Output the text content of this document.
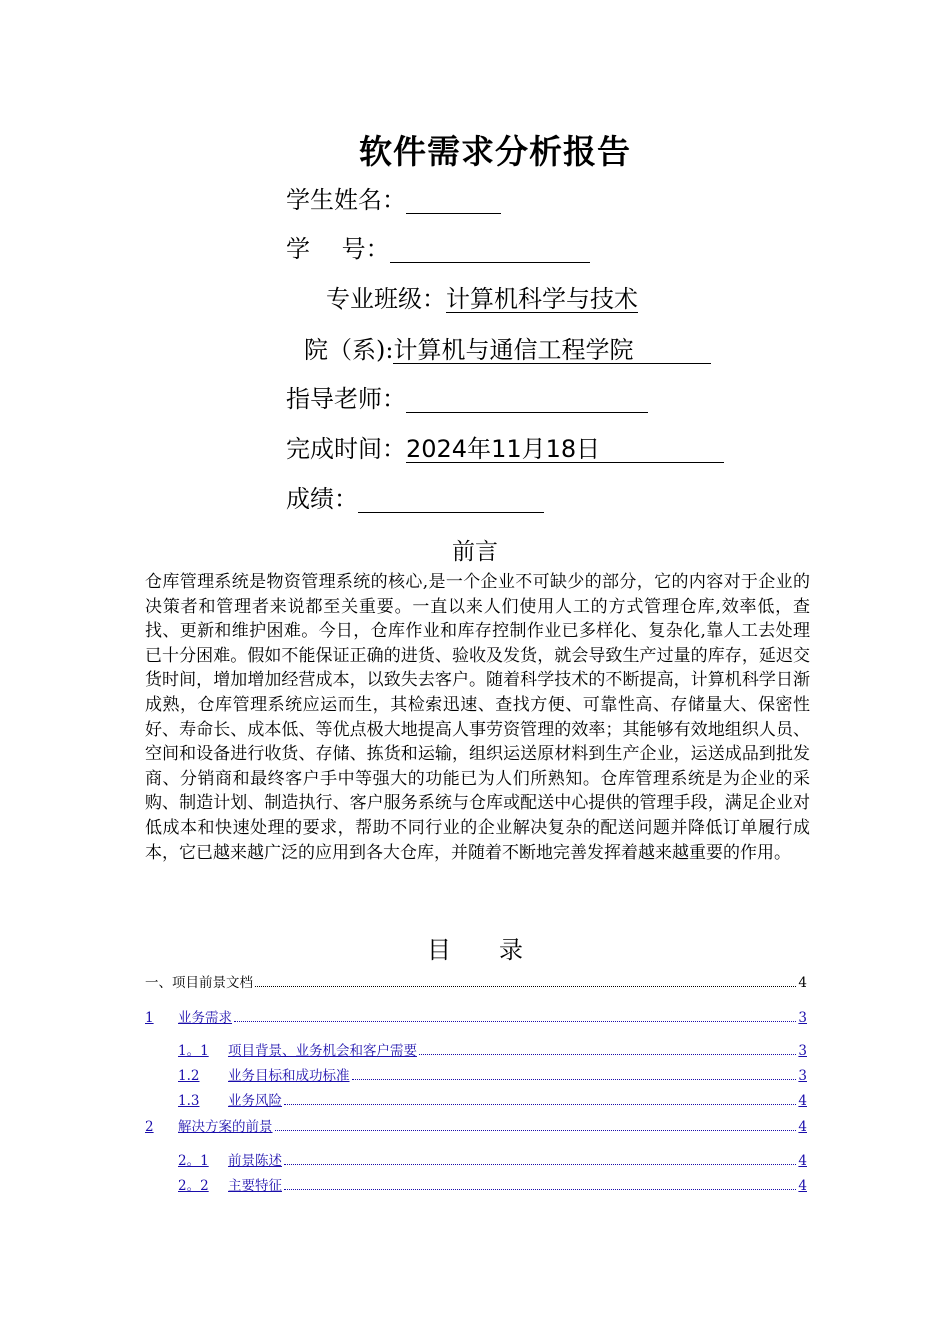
软件需求分析报告
学生姓名：
学　 号：
专业班级：计算机科学与技术
院（系):计算机与通信工程学院
指导老师：
完成时间：2024年11月18日
成绩：
前言
仓库管理系统是物资管理系统的核心,是一个企业不可缺少的部分，它的内容对于企业的决策者和管理者来说都至关重要。一直以来人们使用人工的方式管理仓库,效率低，查找、更新和维护困难。今日，仓库作业和库存控制作业已多样化、复杂化,靠人工去处理已十分困难。假如不能保证正确的进货、验收及发货，就会导致生产过量的库存，延迟交货时间，增加增加经营成本，以致失去客户。随着科学技术的不断提高，计算机科学日渐成熟，仓库管理系统应运而生，其检索迅速、查找方便、可靠性高、存储量大、保密性好、寿命长、成本低、等优点极大地提高人事劳资管理的效率；其能够有效地组织人员、空间和设备进行收货、存储、拣货和运输，组织运送原材料到生产企业，运送成品到批发商、分销商和最终客户手中等强大的功能已为人们所熟知。仓库管理系统是为企业的采购、制造计划、制造执行、客户服务系统与仓库或配送中心提供的管理手段，满足企业对低成本和快速处理的要求，帮助不同行业的企业解决复杂的配送问题并降低订单履行成本，它已越来越广泛的应用到各大仓库，并随着不断地完善发挥着越来越重要的作用。
目　　录
一、项目前景文档	4
1	业务需求	3
1。1	项目背景、业务机会和客户需要	3
1.2	业务目标和成功标准	3
1.3	业务风险	4
2	解决方案的前景	4
2。1	前景陈述	4
2。2	主要特征	4
